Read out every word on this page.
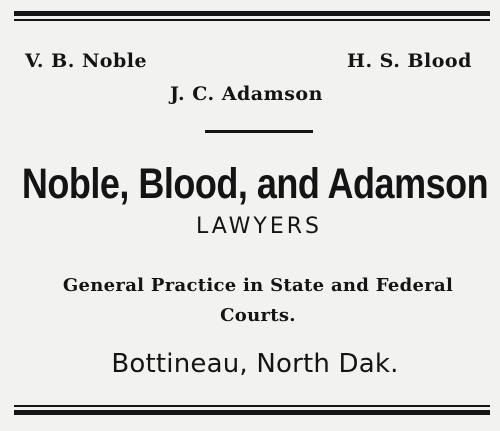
V. B. Noble	H. S. Blood
J. C. Adamson
Noble, Blood, and Adamson
LAWYERS
General Practice in State and Federal
Courts.
Bottineau, North Dak.
